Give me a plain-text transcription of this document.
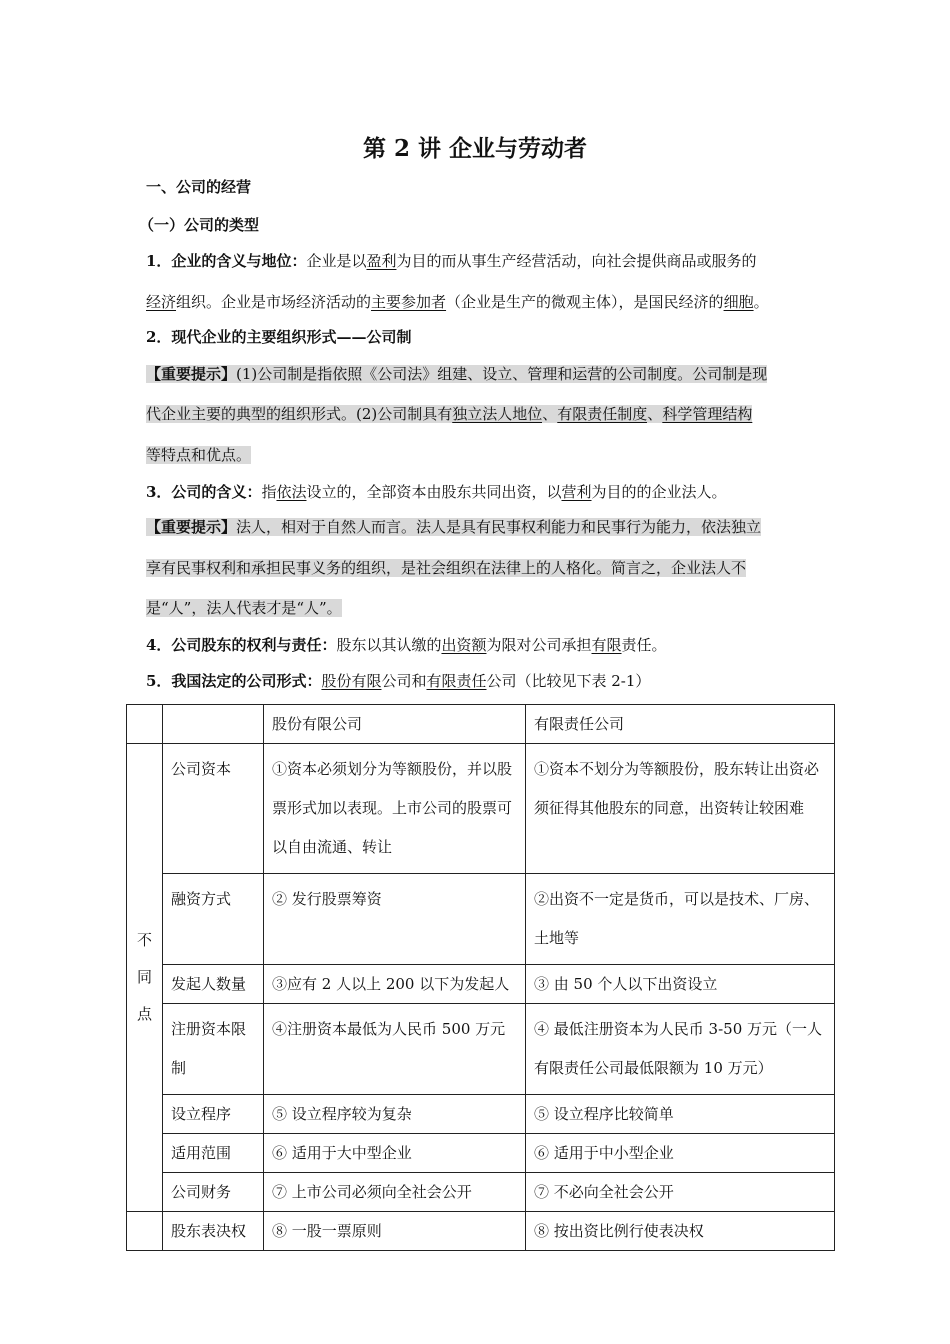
第 2 讲 企业与劳动者
一、公司的经营
（一）公司的类型
1．企业的含义与地位：企业是以盈利为目的而从事生产经营活动，向社会提供商品或服务的
经济组织。企业是市场经济活动的主要参加者（企业是生产的微观主体），是国民经济的细胞。
2．现代企业的主要组织形式——公司制
【重要提示】(1)公司制是指依照《公司法》组建、设立、管理和运营的公司制度。公司制是现
代企业主要的典型的组织形式。(2)公司制具有独立法人地位、有限责任制度、科学管理结构
等特点和优点。
3．公司的含义：指依法设立的，全部资本由股东共同出资，以营利为目的的企业法人。
【重要提示】法人，相对于自然人而言。法人是具有民事权利能力和民事行为能力，依法独立
享有民事权利和承担民事义务的组织，是社会组织在法律上的人格化。简言之，企业法人不
是“人”，法人代表才是“人”。
4．公司股东的权利与责任：股东以其认缴的出资额为限对公司承担有限责任。
5．我国法定的公司形式：股份有限公司和有限责任公司（比较见下表 2-1）
		股份有限公司	有限责任公司

不
同
点	公司资本	①资本必须划分为等额股份，并以股票形式加以表现。上市公司的股票可以自由流通、转让	①资本不划分为等额股份，股东转让出资必须征得其他股东的同意，出资转让较困难
	融资方式	② 发行股票筹资	②出资不一定是货币，可以是技术、厂房、土地等
	发起人数量	③应有 2 人以上 200 以下为发起人	③ 由 50 个人以下出资设立
	注册资本限制	④注册资本最低为人民币 500 万元	④ 最低注册资本为人民币 3-50 万元（一人有限责任公司最低限额为 10 万元）
	设立程序	⑤ 设立程序较为复杂	⑤ 设立程序比较简单
	适用范围	⑥ 适用于大中型企业	⑥ 适用于中小型企业
	公司财务	⑦ 上市公司必须向全社会公开	⑦ 不必向全社会公开
	股东表决权	⑧ 一股一票原则	⑧ 按出资比例行使表决权
